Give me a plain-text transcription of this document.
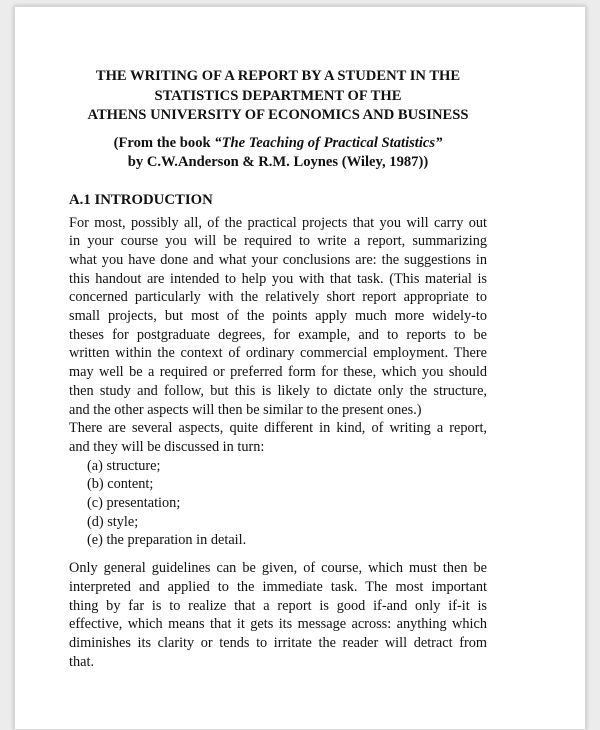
THE WRITING OF A REPORT BY A STUDENT IN THE
STATISTICS DEPARTMENT OF THE
ATHENS UNIVERSITY OF ECONOMICS AND BUSINESS
(From the book “The Teaching of Practical Statistics”
by C.W.Anderson & R.M. Loynes (Wiley, 1987))
A.1 INTRODUCTION
For most, possibly all, of the practical projects that you will carry out
in your course you will be required to write a report, summarizing
what you have done and what your conclusions are: the suggestions in
this handout are intended to help you with that task. (This material is
concerned particularly with the relatively short report appropriate to
small projects, but most of the points apply much more widely-to
theses for postgraduate degrees, for example, and to reports to be
written within the context of ordinary commercial employment. There
may well be a required or preferred form for these, which you should
then study and follow, but this is likely to dictate only the structure,
and the other aspects will then be similar to the present ones.)
There are several aspects, quite different in kind, of writing a report,
and they will be discussed in turn:
(a) structure;
(b) content;
(c) presentation;
(d) style;
(e) the preparation in detail.
Only general guidelines can be given, of course, which must then be
interpreted and applied to the immediate task. The most important
thing by far is to realize that a report is good if-and only if-it is
effective, which means that it gets its message across: anything which
diminishes its clarity or tends to irritate the reader will detract from
that.
